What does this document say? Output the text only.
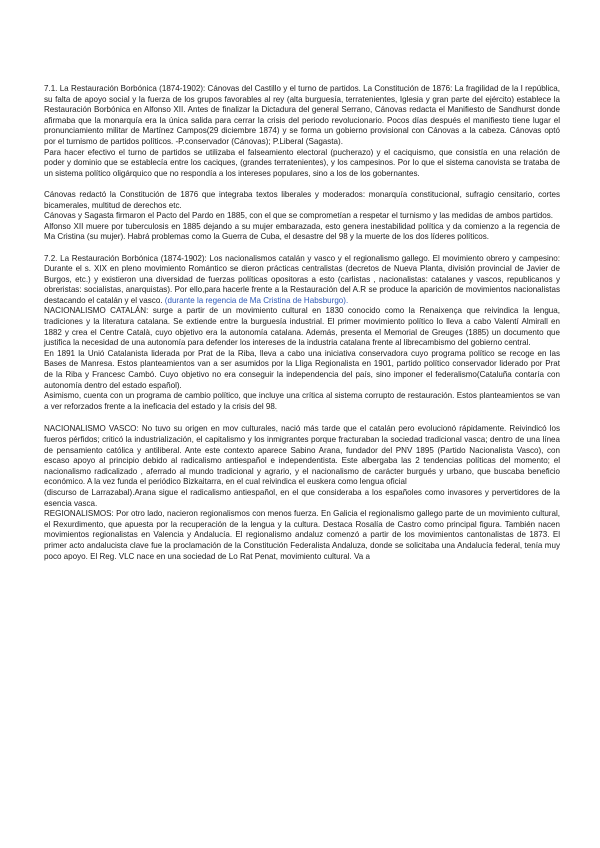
7.1. La Restauración Borbónica (1874-1902): Cánovas del Castillo y el turno de partidos. La Constitución de 1876: La fragilidad de la I república, su falta de apoyo social y la fuerza de los grupos favorables al rey (alta burguesía, terratenientes, Iglesia y gran parte del ejército) establece la Restauración Borbónica en Alfonso XII. Antes de finalizar la Dictadura del general Serrano, Cánovas redacta el Manifiesto de Sandhurst donde afirmaba que la monarquía era la única salida para cerrar la crisis del periodo revolucionario. Pocos días después el manifiesto tiene lugar el pronunciamiento militar de Martínez Campos(29 diciembre 1874) y se forma un gobierno provisional con Cánovas a la cabeza. Cánovas optó por el turnismo de partidos políticos. -P.conservador (Cánovas); P.Liberal (Sagasta).

Para hacer efectivo el turno de partidos se utilizaba el falseamiento electoral (pucherazo) y el caciquismo, que consistía en una relación de poder y dominio que se establecía entre los caciques, (grandes terratenientes), y los campesinos. Por lo que el sistema canovista se trataba de un sistema político oligárquico que no respondía a los intereses populares, sino a los de los gobernantes.

Cánovas redactó la Constitución de 1876 que integraba textos liberales y moderados: monarquía constitucional, sufragio censitario, cortes bicamerales, multitud de derechos etc.

Cánovas y Sagasta firmaron el Pacto del Pardo en 1885, con el que se comprometían a respetar el turnismo y las medidas de ambos partidos.

Alfonso XII muere por tuberculosis en 1885 dejando a su mujer embarazada, esto genera inestabilidad política y da comienzo a la regencia de Ma Cristina (su mujer). Habrá problemas como la Guerra de Cuba, el desastre del 98 y la muerte de los dos líderes políticos.

7.2. La Restauración Borbónica (1874-1902): Los nacionalismos catalán y vasco y el regionalismo gallego. El movimiento obrero y campesino: Durante el s. XIX en pleno movimiento Romántico se dieron prácticas centralistas (decretos de Nueva Planta, división provincial de Javier de Burgos, etc.) y existieron una diversidad de fuerzas políticas opositoras a esto (carlistas , nacionalistas: catalanes y vascos, republicanos y obreristas: socialistas, anarquistas). Por ello,para hacerle frente a la Restauración del A.R se produce la aparición de movimientos nacionalistas destacando el catalán y el vasco. (durante la regencia de Ma Cristina de Habsburgo).

NACIONALISMO CATALÁN: surge a partir de un movimiento cultural en 1830 conocido como la Renaixença que reivindica la lengua, tradiciones y la literatura catalana. Se extiende entre la burguesía industrial. El primer movimiento político lo lleva a cabo Valentí Almirall en 1882 y crea el Centre Català, cuyo objetivo era la autonomía catalana. Además, presenta el Memorial de Greuges (1885) un documento que justifica la necesidad de una autonomía para defender los intereses de la industria catalana frente al librecambismo del gobierno central.

En 1891 la Unió Catalanista liderada por Prat de la Riba, lleva a cabo una iniciativa conservadora cuyo programa político se recoge en las Bases de Manresa. Estos planteamientos van a ser asumidos por la Lliga Regionalista en 1901, partido político conservador liderado por Prat de la Riba y Francesc Cambó. Cuyo objetivo no era conseguir la independencia del país, sino imponer el federalismo(Cataluña contaría con autonomía dentro del estado español).

Asimismo, cuenta con un programa de cambio político, que incluye una crítica al sistema corrupto de restauración. Estos planteamientos se van a ver reforzados frente a la ineficacia del estado y la crisis del 98.

NACIONALISMO VASCO: No tuvo su origen en mov culturales, nació más tarde que el catalán pero evolucionó rápidamente. Reivindicó los fueros pérfidos; criticó la industrialización, el capitalismo y los inmigrantes porque fracturaban la sociedad tradicional vasca; dentro de una línea de pensamiento católica y antiliberal. Ante este contexto aparece Sabino Arana, fundador del PNV 1895 (Partido Nacionalista Vasco), con escaso apoyo al principio debido al radicalismo antiespañol e independentista. Este albergaba las 2 tendencias políticas del momento; el nacionalismo radicalizado , aferrado al mundo tradicional y agrario, y el nacionalismo de carácter burgués y urbano, que buscaba beneficio económico. A la vez funda el periódico Bizkaitarra, en el cual reivindica el euskera como lengua oficial

(discurso de Larrazabal).Arana sigue el radicalismo antiespañol, en el que consideraba a los españoles como invasores y pervertidores de la esencia vasca.

REGIONALISMOS: Por otro lado, nacieron regionalismos con menos fuerza. En Galicia el regionalismo gallego parte de un movimiento cultural, el Rexurdimento, que apuesta por la recuperación de la lengua y la cultura. Destaca Rosalía de Castro como principal figura. También nacen movimientos regionalistas en Valencia y Andalucía. El regionalismo andaluz comenzó a partir de los movimientos cantonalistas de 1873. El primer acto andalucista clave fue la proclamación de la Constitución Federalista Andaluza, donde se solicitaba una Andalucía federal, tenía muy poco apoyo. El Reg. VLC nace en una sociedad de Lo Rat Penat, movimiento cultural. Va a
